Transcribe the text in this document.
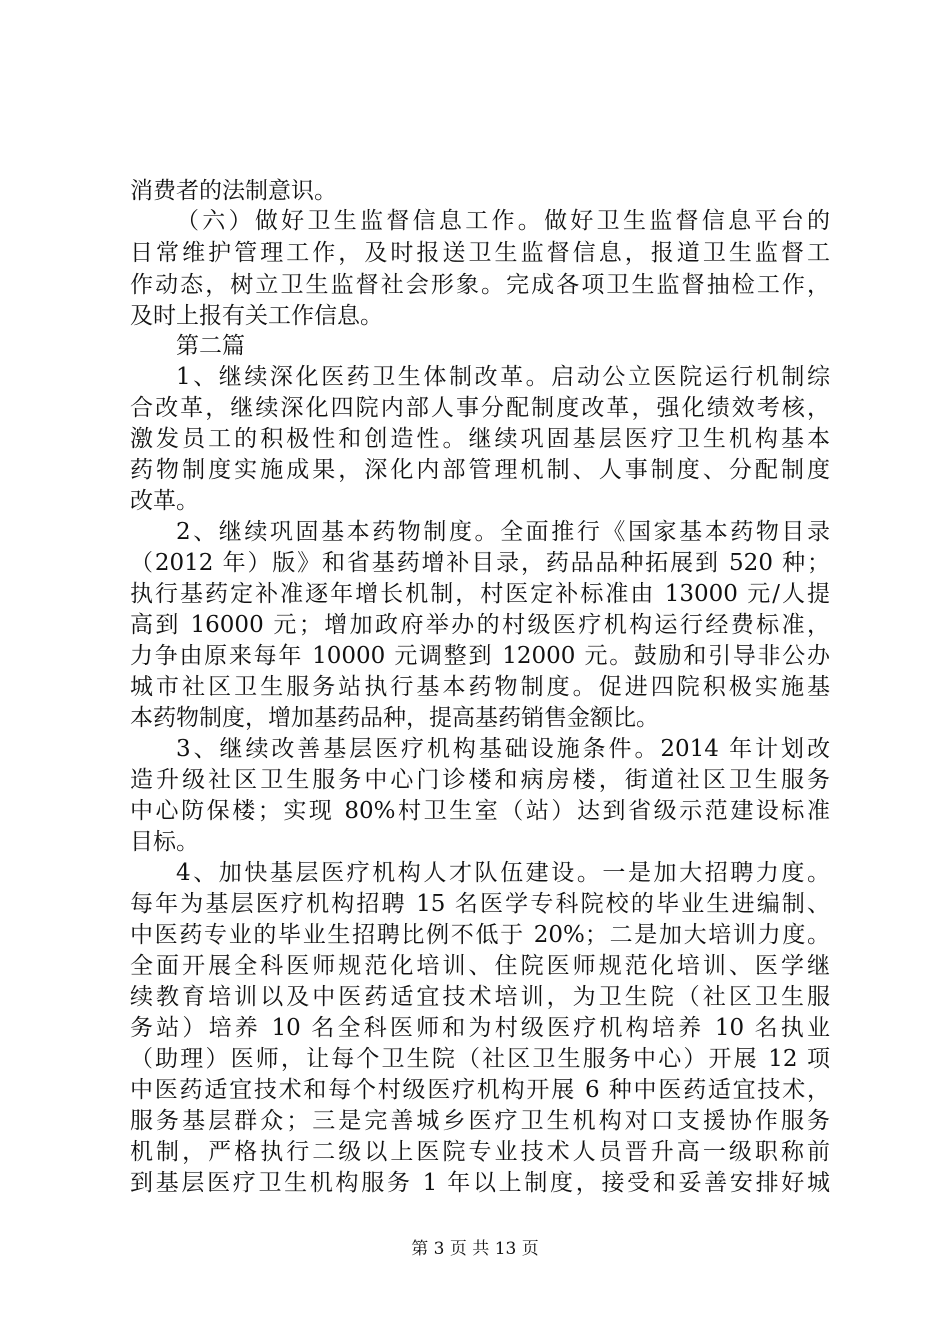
消费者的法制意识。
（六）做好卫生监督信息工作。做好卫生监督信息平台的
日常维护管理工作，及时报送卫生监督信息，报道卫生监督工
作动态，树立卫生监督社会形象。完成各项卫生监督抽检工作，
及时上报有关工作信息。
第二篇
1、继续深化医药卫生体制改革。启动公立医院运行机制综
合改革，继续深化四院内部人事分配制度改革，强化绩效考核，
激发员工的积极性和创造性。继续巩固基层医疗卫生机构基本
药物制度实施成果，深化内部管理机制、人事制度、分配制度
改革。
2、继续巩固基本药物制度。全面推行《国家基本药物目录
（2012 年）版》和省基药增补目录，药品品种拓展到 520 种；
执行基药定补准逐年增长机制，村医定补标准由 13000 元/人提
高到 16000 元；增加政府举办的村级医疗机构运行经费标准，
力争由原来每年 10000 元调整到 12000 元。鼓励和引导非公办
城市社区卫生服务站执行基本药物制度。促进四院积极实施基
本药物制度，增加基药品种，提高基药销售金额比。
3、继续改善基层医疗机构基础设施条件。2014 年计划改
造升级社区卫生服务中心门诊楼和病房楼，街道社区卫生服务
中心防保楼；实现 80%村卫生室（站）达到省级示范建设标准
目标。
4、加快基层医疗机构人才队伍建设。一是加大招聘力度。
每年为基层医疗机构招聘 15 名医学专科院校的毕业生进编制、
中医药专业的毕业生招聘比例不低于 20%；二是加大培训力度。
全面开展全科医师规范化培训、住院医师规范化培训、医学继
续教育培训以及中医药适宜技术培训，为卫生院（社区卫生服
务站）培养 10 名全科医师和为村级医疗机构培养 10 名执业
（助理）医师，让每个卫生院（社区卫生服务中心）开展 12 项
中医药适宜技术和每个村级医疗机构开展 6 种中医药适宜技术，
服务基层群众；三是完善城乡医疗卫生机构对口支援协作服务
机制，严格执行二级以上医院专业技术人员晋升高一级职称前
到基层医疗卫生机构服务 1 年以上制度，接受和妥善安排好城
第 3 页 共 13 页
